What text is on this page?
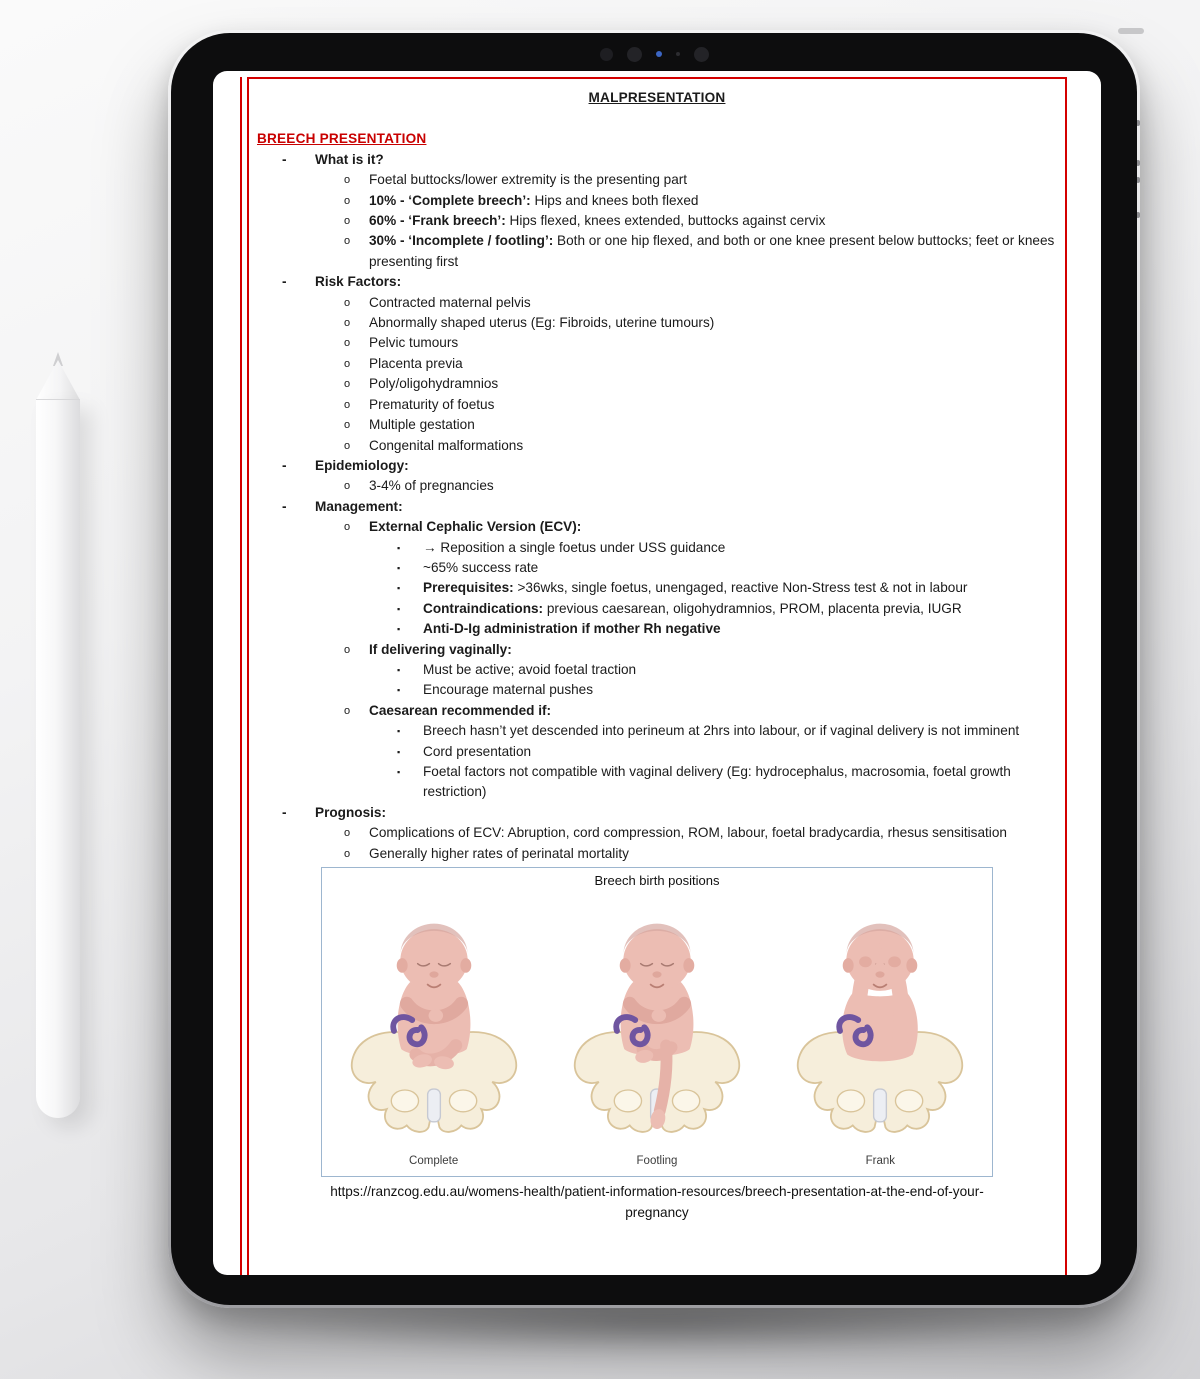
MALPRESENTATION
BREECH PRESENTATION
-	What is it?
o	Foetal buttocks/lower extremity is the presenting part
o	10% - ‘Complete breech’: Hips and knees both flexed
o	60% - ‘Frank breech’: Hips flexed, knees extended, buttocks against cervix
o	30% - ‘Incomplete / footling’: Both or one hip flexed, and both or one knee present below buttocks; feet or knees presenting first
-	Risk Factors:
o	Contracted maternal pelvis
o	Abnormally shaped uterus (Eg: Fibroids, uterine tumours)
o	Pelvic tumours
o	Placenta previa
o	Poly/oligohydramnios
o	Prematurity of foetus
o	Multiple gestation
o	Congenital malformations
-	Epidemiology:
o	3-4% of pregnancies
-	Management:
o	External Cephalic Version (ECV):
▪	→ Reposition a single foetus under USS guidance
▪	~65% success rate
▪	Prerequisites: >36wks, single foetus, unengaged, reactive Non-Stress test & not in labour
▪	Contraindications: previous caesarean, oligohydramnios, PROM, placenta previa, IUGR
▪	Anti-D-Ig administration if mother Rh negative
o	If delivering vaginally:
▪	Must be active; avoid foetal traction
▪	Encourage maternal pushes
o	Caesarean recommended if:
▪	Breech hasn’t yet descended into perineum at 2hrs into labour, or if vaginal delivery is not imminent
▪	Cord presentation
▪	Foetal factors not compatible with vaginal delivery (Eg: hydrocephalus, macrosomia, foetal growth restriction)
-	Prognosis:
o	Complications of ECV: Abruption, cord compression, ROM, labour, foetal bradycardia, rhesus sensitisation
o	Generally higher rates of perinatal mortality
Breech birth positions
Complete	Footling	Frank
https://ranzcog.edu.au/womens-health/patient-information-resources/breech-presentation-at-the-end-of-your-
pregnancy
